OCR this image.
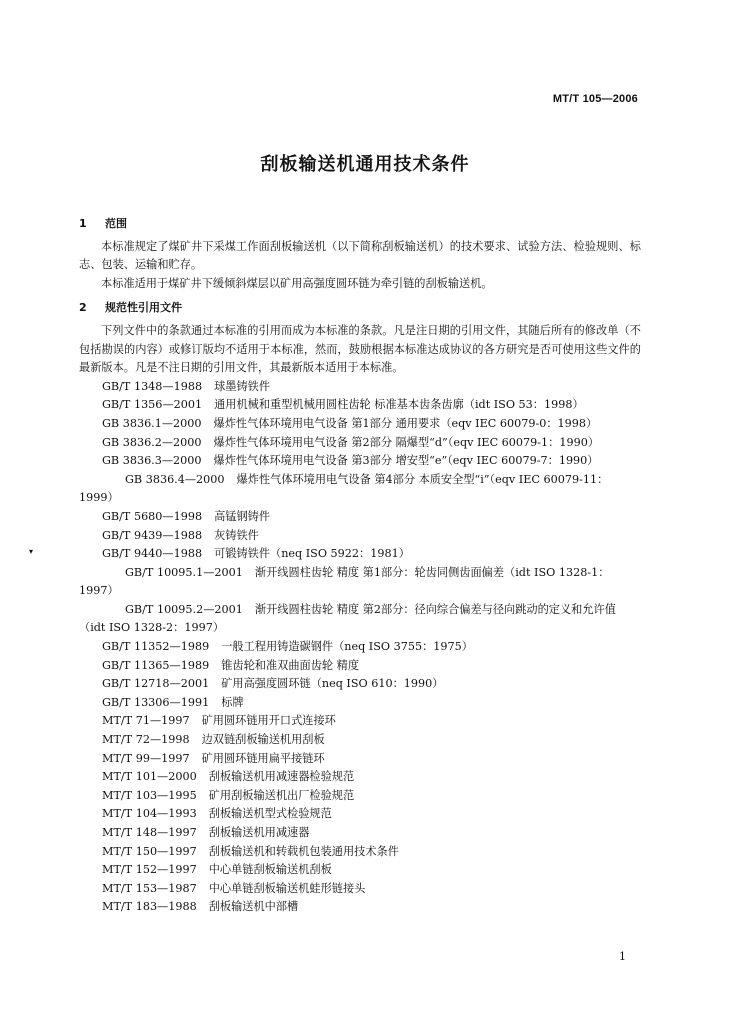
MT/T 105—2006
刮板输送机通用技术条件
▾
1 范围
本标准规定了煤矿井下采煤工作面刮板输送机（以下简称刮板输送机）的技术要求、试验方法、检验规则、标志、包装、运输和贮存。
本标准适用于煤矿井下缓倾斜煤层以矿用高强度圆环链为牵引链的刮板输送机。
2 规范性引用文件
下列文件中的条款通过本标准的引用而成为本标准的条款。凡是注日期的引用文件，其随后所有的修改单（不包括勘误的内容）或修订版均不适用于本标准，然而，鼓励根据本标准达成协议的各方研究是否可使用这些文件的最新版本。凡是不注日期的引用文件，其最新版本适用于本标准。
GB/T 1348—1988 球墨铸铁件
GB/T 1356—2001 通用机械和重型机械用圆柱齿轮 标准基本齿条齿廓（idt ISO 53：1998）
GB 3836.1—2000 爆炸性气体环境用电气设备 第1部分 通用要求（eqv IEC 60079-0：1998）
GB 3836.2—2000 爆炸性气体环境用电气设备 第2部分 隔爆型“d”（eqv IEC 60079-1：1990）
GB 3836.3—2000 爆炸性气体环境用电气设备 第3部分 增安型“e”（eqv IEC 60079-7：1990）
GB 3836.4—2000 爆炸性气体环境用电气设备 第4部分 本质安全型“i”（eqv IEC 60079-11：1999）
GB/T 5680—1998 高锰钢铸件
GB/T 9439—1988 灰铸铁件
GB/T 9440—1988 可锻铸铁件（neq ISO 5922：1981）
GB/T 10095.1—2001 渐开线圆柱齿轮 精度 第1部分：轮齿同侧齿面偏差（idt ISO 1328-1：1997）
GB/T 10095.2—2001 渐开线圆柱齿轮 精度 第2部分：径向综合偏差与径向跳动的定义和允许值（idt ISO 1328-2：1997）
GB/T 11352—1989 一般工程用铸造碳钢件（neq ISO 3755：1975）
GB/T 11365—1989 锥齿轮和准双曲面齿轮 精度
GB/T 12718—2001 矿用高强度圆环链（neq ISO 610：1990）
GB/T 13306—1991 标牌
MT/T 71—1997 矿用圆环链用开口式连接环
MT/T 72—1998 边双链刮板输送机用刮板
MT/T 99—1997 矿用圆环链用扁平接链环
MT/T 101—2000 刮板输送机用减速器检验规范
MT/T 103—1995 矿用刮板输送机出厂检验规范
MT/T 104—1993 刮板输送机型式检验规范
MT/T 148—1997 刮板输送机用减速器
MT/T 150—1997 刮板输送机和转载机包装通用技术条件
MT/T 152—1997 中心单链刮板输送机刮板
MT/T 153—1987 中心单链刮板输送机蛙形链接头
MT/T 183—1988 刮板输送机中部槽
1
